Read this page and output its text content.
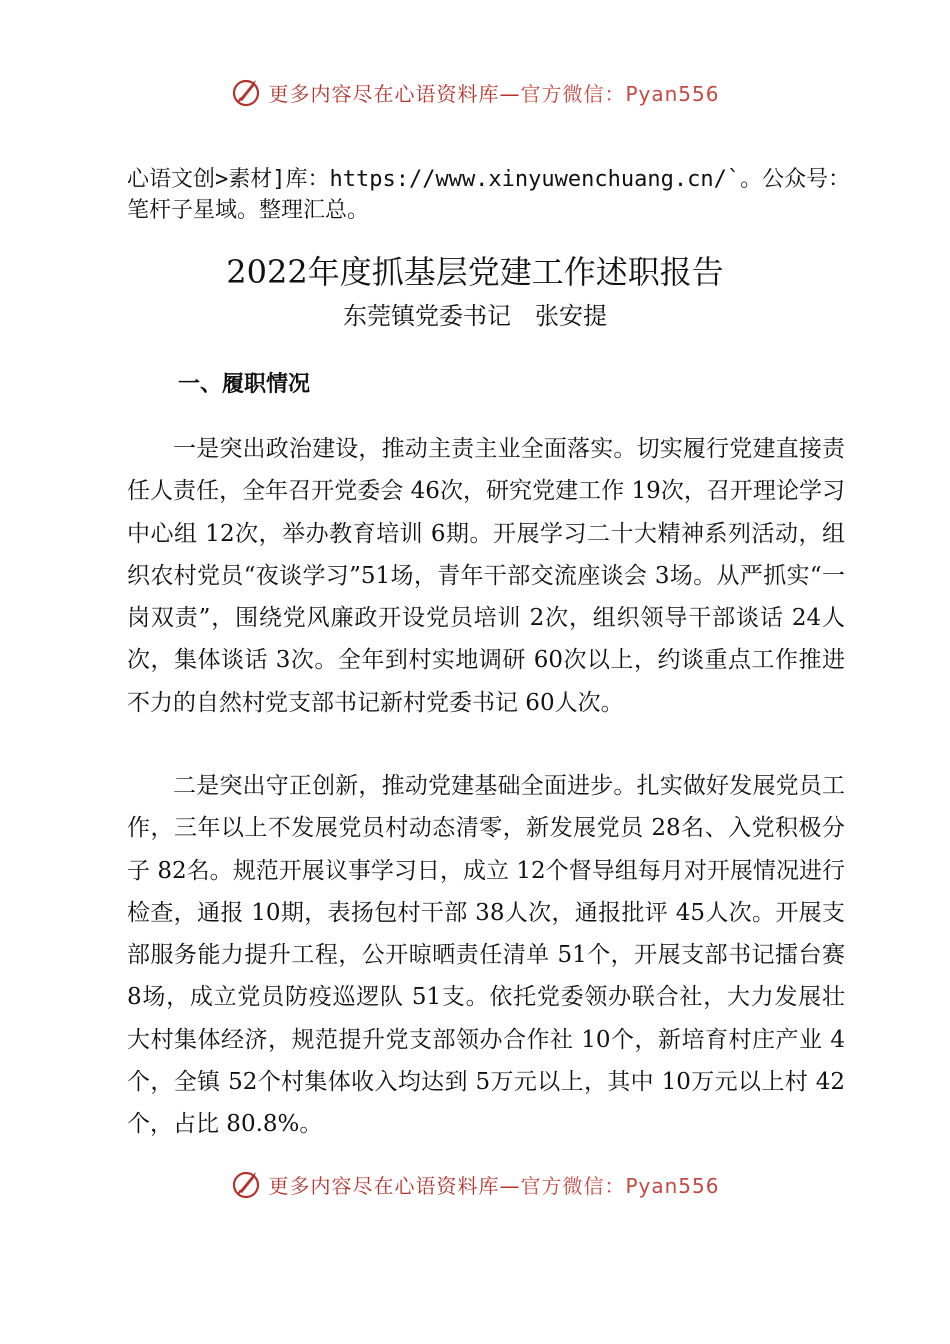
更多内容尽在心语资料库—官方微信：Pyan556
心语文创>素材]库：https://www.xinyuwenchuang.cn/`。公众号：笔杆子星域。整理汇总。
2022年度抓基层党建工作述职报告
东莞镇党委书记　张安提
一、履职情况

一是突出政治建设，推动主责主业全面落实。切实履行党建直接责任人责任，全年召开党委会 46次，研究党建工作 19次，召开理论学习中心组 12次，举办教育培训 6期。开展学习二十大精神系列活动，组织农村党员“夜谈学习”51场，青年干部交流座谈会 3场。从严抓实“一岗双责”，围绕党风廉政开设党员培训 2次，组织领导干部谈话 24人次，集体谈话 3次。全年到村实地调研 60次以上，约谈重点工作推进不力的自然村党支部书记新村党委书记 60人次。

二是突出守正创新，推动党建基础全面进步。扎实做好发展党员工作，三年以上不发展党员村动态清零，新发展党员 28名、入党积极分子 82名。规范开展议事学习日，成立 12个督导组每月对开展情况进行检查，通报 10期，表扬包村干部 38人次，通报批评 45人次。开展支部服务能力提升工程，公开晾晒责任清单 51个，开展支部书记擂台赛 8场，成立党员防疫巡逻队 51支。依托党委领办联合社，大力发展壮大村集体经济，规范提升党支部领办合作社 10个，新培育村庄产业 4个，全镇 52个村集体收入均达到 5万元以上，其中 10万元以上村 42个，占比 80.8%。

更多内容尽在心语资料库—官方微信：Pyan556
